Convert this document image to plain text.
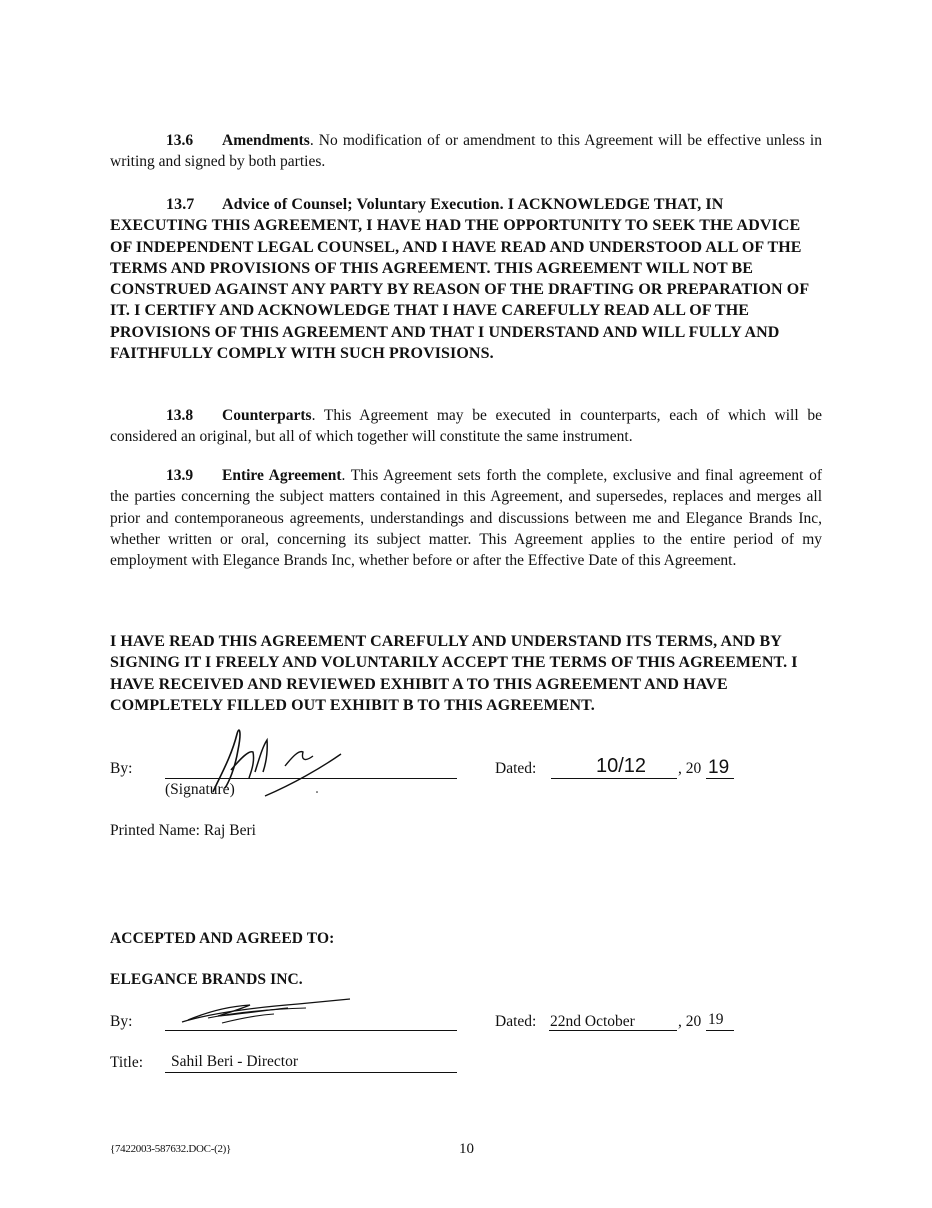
13.6 Amendments. No modification of or amendment to this Agreement will be effective unless in writing and signed by both parties.
13.7 Advice of Counsel; Voluntary Execution. I ACKNOWLEDGE THAT, IN EXECUTING THIS AGREEMENT, I HAVE HAD THE OPPORTUNITY TO SEEK THE ADVICE OF INDEPENDENT LEGAL COUNSEL, AND I HAVE READ AND UNDERSTOOD ALL OF THE TERMS AND PROVISIONS OF THIS AGREEMENT. THIS AGREEMENT WILL NOT BE CONSTRUED AGAINST ANY PARTY BY REASON OF THE DRAFTING OR PREPARATION OF IT. I CERTIFY AND ACKNOWLEDGE THAT I HAVE CAREFULLY READ ALL OF THE PROVISIONS OF THIS AGREEMENT AND THAT I UNDERSTAND AND WILL FULLY AND FAITHFULLY COMPLY WITH SUCH PROVISIONS.
13.8 Counterparts. This Agreement may be executed in counterparts, each of which will be considered an original, but all of which together will constitute the same instrument.
13.9 Entire Agreement. This Agreement sets forth the complete, exclusive and final agreement of the parties concerning the subject matters contained in this Agreement, and supersedes, replaces and merges all prior and contemporaneous agreements, understandings and discussions between me and Elegance Brands Inc, whether written or oral, concerning its subject matter. This Agreement applies to the entire period of my employment with Elegance Brands Inc, whether before or after the Effective Date of this Agreement.
I HAVE READ THIS AGREEMENT CAREFULLY AND UNDERSTAND ITS TERMS, AND BY SIGNING IT I FREELY AND VOLUNTARILY ACCEPT THE TERMS OF THIS AGREEMENT. I HAVE RECEIVED AND REVIEWED EXHIBIT A TO THIS AGREEMENT AND HAVE COMPLETELY FILLED OUT EXHIBIT B TO THIS AGREEMENT.
By:
(Signature)
Dated:	10/12 , 20 19
Printed Name: Raj Beri
ACCEPTED AND AGREED TO:
ELEGANCE BRANDS INC.
By:	Dated: 22nd October	, 20 19
Title: Sahil Beri - Director
{7422003-587632.DOC-(2)}	10
